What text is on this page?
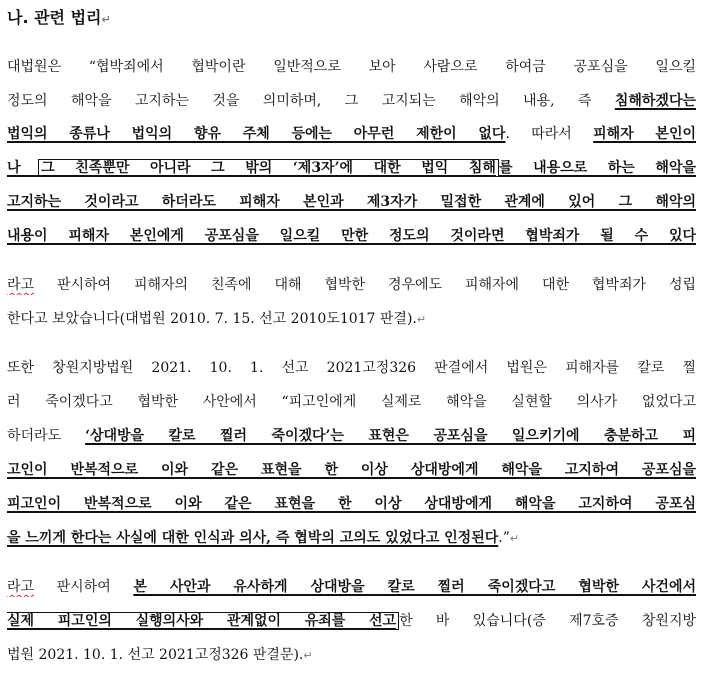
나. 관련 법리↵
대법원은 “협박죄에서 협박이란 일반적으로 보아 사람으로 하여금 공포심을 일으킬
정도의 해악을 고지하는 것을 의미하며, 그 고지되는 해악의 내용, 즉 침해하겠다는
법익의 종류나 법익의 향유 주체 등에는 아무런 제한이 없다. 따라서 피해자 본인이
나 그 친족뿐만 아니라 그 밖의 ‘제3자’에 대한 법익 침해 를 내용으로 하는 해악을
고지하는 것이라고 하더라도 피해자 본인과 제3자가 밀접한 관계에 있어 그 해악의
내용이 피해자 본인에게 공포심을 일으킬 만한 정도의 것이라면 협박죄가 될 수 있다
라고 판시하여 피해자의 친족에 대해 협박한 경우에도 피해자에 대한 협박죄가 성립
한다고 보았습니다(대법원 2010. 7. 15. 선고 2010도1017 판결).↵
또한 창원지방법원 2021. 10. 1. 선고 2021고정326 판결에서 법원은 피해자를 칼로 찔
러 죽이겠다고 협박한 사안에서 “피고인에게 실제로 해악을 실현할 의사가 없었다고
하더라도 ‘상대방을 칼로 찔러 죽이겠다’는 표현은 공포심을 일으키기에 충분하고 피
고인이 반복적으로 이와 같은 표현을 한 이상 상대방에게 해악을 고지하여 공포심을
피고인이 반복적으로 이와 같은 표현을 한 이상 상대방에게 해악을 고지하여 공포심
을 느끼게 한다는 사실에 대한 인식과 의사, 즉 협박의 고의도 있었다고 인정된다.”↵
라고 판시하여 본 사안과 유사하게 상대방을 칼로 찔러 죽이겠다고 협박한 사건에서
실제 피고인의 실행의사와 관계없이 유죄를 선고 한 바 있습니다(증 제7호증 창원지방
법원 2021. 10. 1. 선고 2021고정326 판결문).↵
